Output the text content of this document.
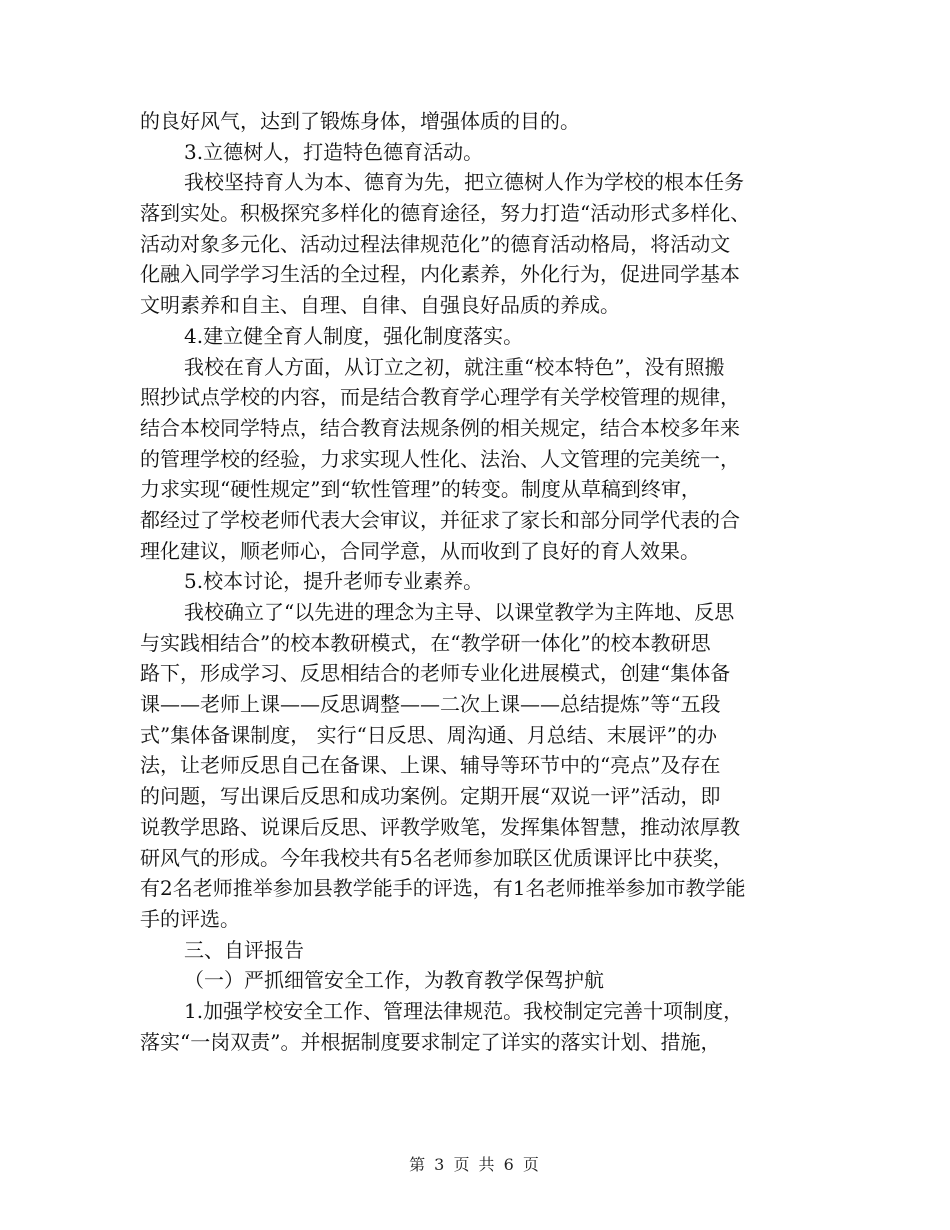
的良好风气，达到了锻炼身体，增强体质的目的。
3.立德树人，打造特色德育活动。
我校坚持育人为本、德育为先，把立德树人作为学校的根本任务
落到实处。积极探究多样化的德育途径，努力打造“活动形式多样化、
活动对象多元化、活动过程法律规范化”的德育活动格局，将活动文
化融入同学学习生活的全过程，内化素养，外化行为，促进同学基本
文明素养和自主、自理、自律、自强良好品质的养成。
4.建立健全育人制度，强化制度落实。
我校在育人方面，从订立之初，就注重“校本特色”，没有照搬
照抄试点学校的内容，而是结合教育学心理学有关学校管理的规律，
结合本校同学特点，结合教育法规条例的相关规定，结合本校多年来
的管理学校的经验，力求实现人性化、法治、人文管理的完美统一，
力求实现“硬性规定”到“软性管理”的转变。制度从草稿到终审，
都经过了学校老师代表大会审议，并征求了家长和部分同学代表的合
理化建议，顺老师心，合同学意，从而收到了良好的育人效果。
5.校本讨论，提升老师专业素养。
我校确立了“以先进的理念为主导、以课堂教学为主阵地、反思
与实践相结合”的校本教研模式，在“教学研一体化”的校本教研思
路下，形成学习、反思相结合的老师专业化进展模式，创建“集体备
课——老师上课——反思调整——二次上课——总结提炼”等“五段
式”集体备课制度， 实行“日反思、周沟通、月总结、末展评”的办
法，让老师反思自己在备课、上课、辅导等环节中的“亮点”及存在
的问题，写出课后反思和成功案例。定期开展“双说一评”活动，即
说教学思路、说课后反思、评教学败笔，发挥集体智慧，推动浓厚教
研风气的形成。今年我校共有5名老师参加联区优质课评比中获奖，
有2名老师推举参加县教学能手的评选，有1名老师推举参加市教学能
手的评选。
三、自评报告
（一）严抓细管安全工作，为教育教学保驾护航
1.加强学校安全工作、管理法律规范。我校制定完善十项制度，
落实“一岗双责”。并根据制度要求制定了详实的落实计划、措施，
第 3 页 共 6 页
